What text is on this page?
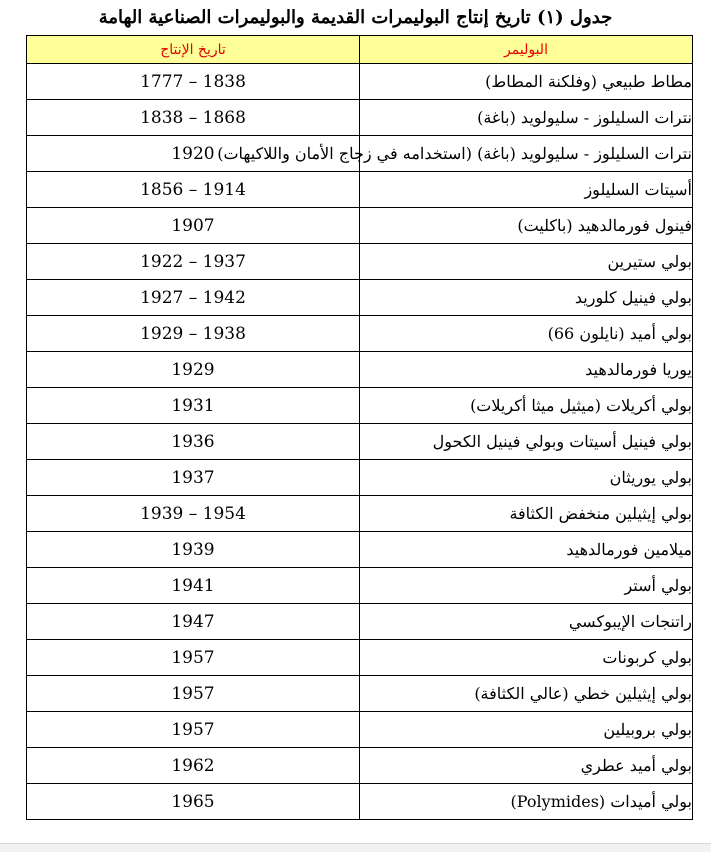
جدول (١) تاريخ إنتاج البوليمرات القديمة والبوليمرات الصناعية الهامة
تاريخ الإنتاج	البوليمر
1777 – 1838	مطاط طبيعي (وفلكنة المطاط)
1838 – 1868	نترات السليلوز - سليولويد (باغة)
1920	نترات السليلوز - سليولويد (باغة) (استخدامه في زجاج الأمان واللاكيهات)
1856 – 1914	أسيتات السليلوز
1907	فينول فورمالدهيد (باكليت)
1922 – 1937	بولي ستيرين
1927 – 1942	بولي فينيل كلوريد
1929 – 1938	بولي أميد (نايلون 66)
1929	يوريا فورمالدهيد
1931	بولي أكريلات (ميثيل ميثا أكريلات)
1936	بولي فينيل أسيتات وبولي فينيل الكحول
1937	بولي يوريثان
1939 – 1954	بولي إيثيلين منخفض الكثافة
1939	ميلامين فورمالدهيد
1941	بولي أستر
1947	راتنجات الإيبوكسي
1957	بولي كربونات
1957	بولي إيثيلين خطي (عالي الكثافة)
1957	بولي بروبيلين
1962	بولي أميد عطري
1965	بولي أميدات (Polymides)
